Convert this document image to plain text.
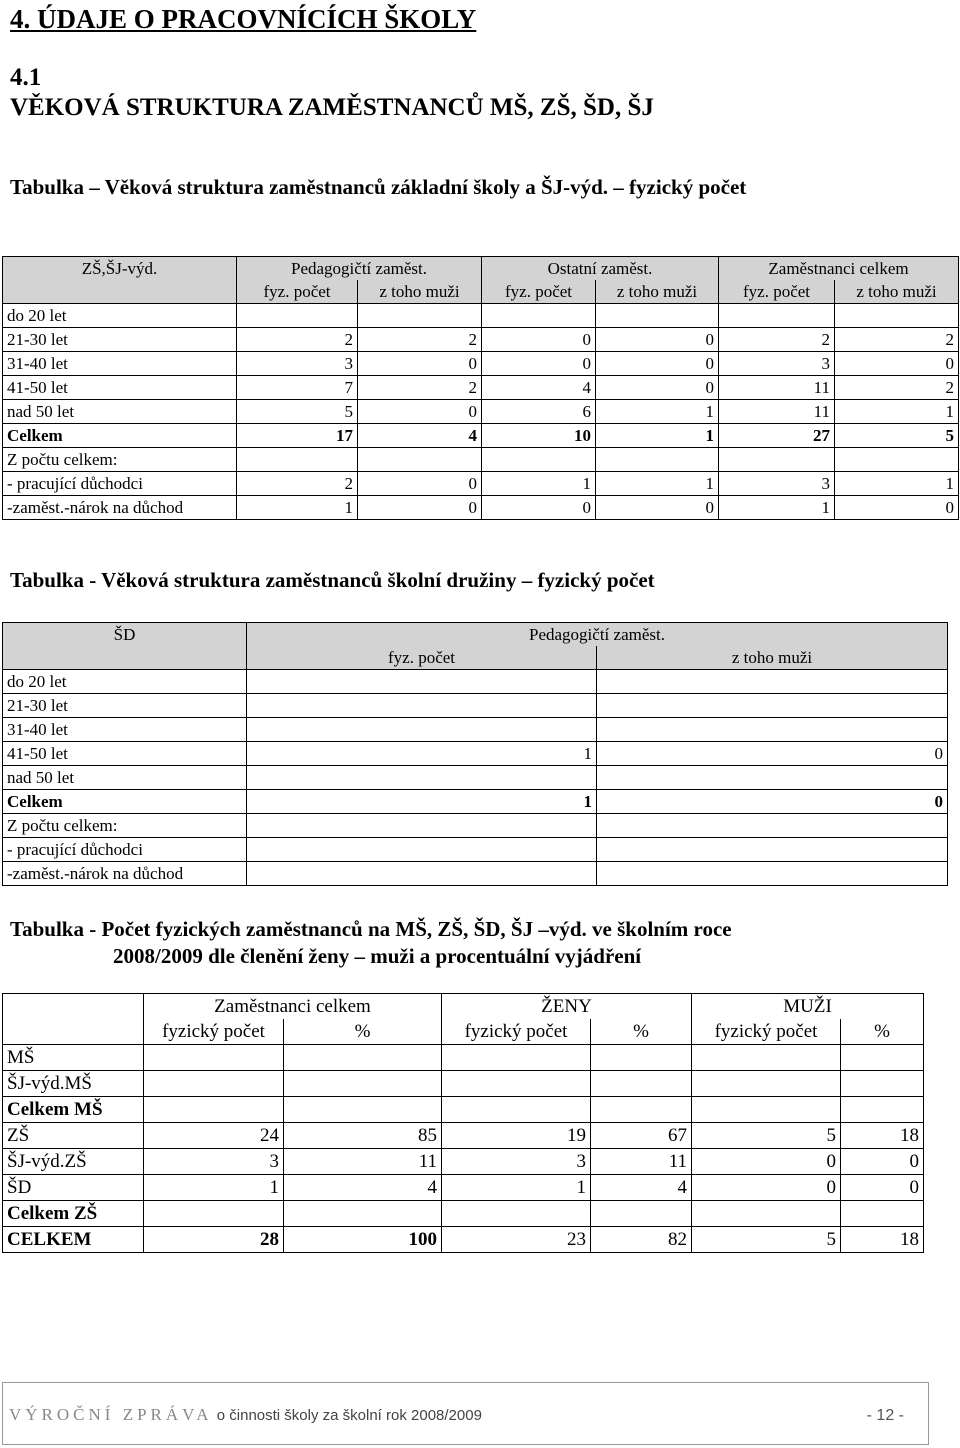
4. ÚDAJE O PRACOVNÍCÍCH ŠKOLY
4.1
VĚKOVÁ STRUKTURA ZAMĚSTNANCŮ MŠ, ZŠ, ŠD, ŠJ
Tabulka – Věková struktura zaměstnanců základní školy a ŠJ-výd. – fyzický počet
ZŠ,ŠJ-výd.	Pedagogičtí zaměst.		Ostatní zaměst.		Zaměstnanci celkem	
	fyz. počet	z toho muži	fyz. počet	z toho muži	fyz. počet	z toho muži
do 20 let						
21-30 let	2	2	0	0	2	2
31-40 let	3	0	0	0	3	0
41-50 let	7	2	4	0	11	2
nad 50 let	5	0	6	1	11	1
Celkem	17	4	10	1	27	5
Z počtu celkem:						
- pracující důchodci	2	0	1	1	3	1
-zaměst.-nárok na důchod	1	0	0	0	1	0
Tabulka - Věková struktura zaměstnanců školní družiny – fyzický počet
ŠD	Pedagogičtí zaměst.	
	fyz. počet	z toho muži
do 20 let		
21-30 let		
31-40 let		
41-50 let	1	0
nad 50 let		
Celkem	1	0
Z počtu celkem:		
- pracující důchodci		
-zaměst.-nárok na důchod		
Tabulka - Počet fyzických zaměstnanců na MŠ, ZŠ, ŠD, ŠJ –výd. ve školním roce
2008/2009 dle členění ženy – muži a procentuální vyjádření
	Zaměstnanci celkem		ŽENY		MUŽI	
	fyzický počet	%	fyzický počet	%	fyzický počet	%
MŠ						
ŠJ-výd.MŠ						
Celkem MŠ						
ZŠ	24	85	19	67	5	18
ŠJ-výd.ZŠ	3	11	3	11	0	0
ŠD	1	4	1	4	0	0
Celkem ZŠ						
CELKEM	28	100	23	82	5	18
VÝROČNÍ ZPRÁVA o činnosti školy za školní rok 2008/2009	- 12 -
